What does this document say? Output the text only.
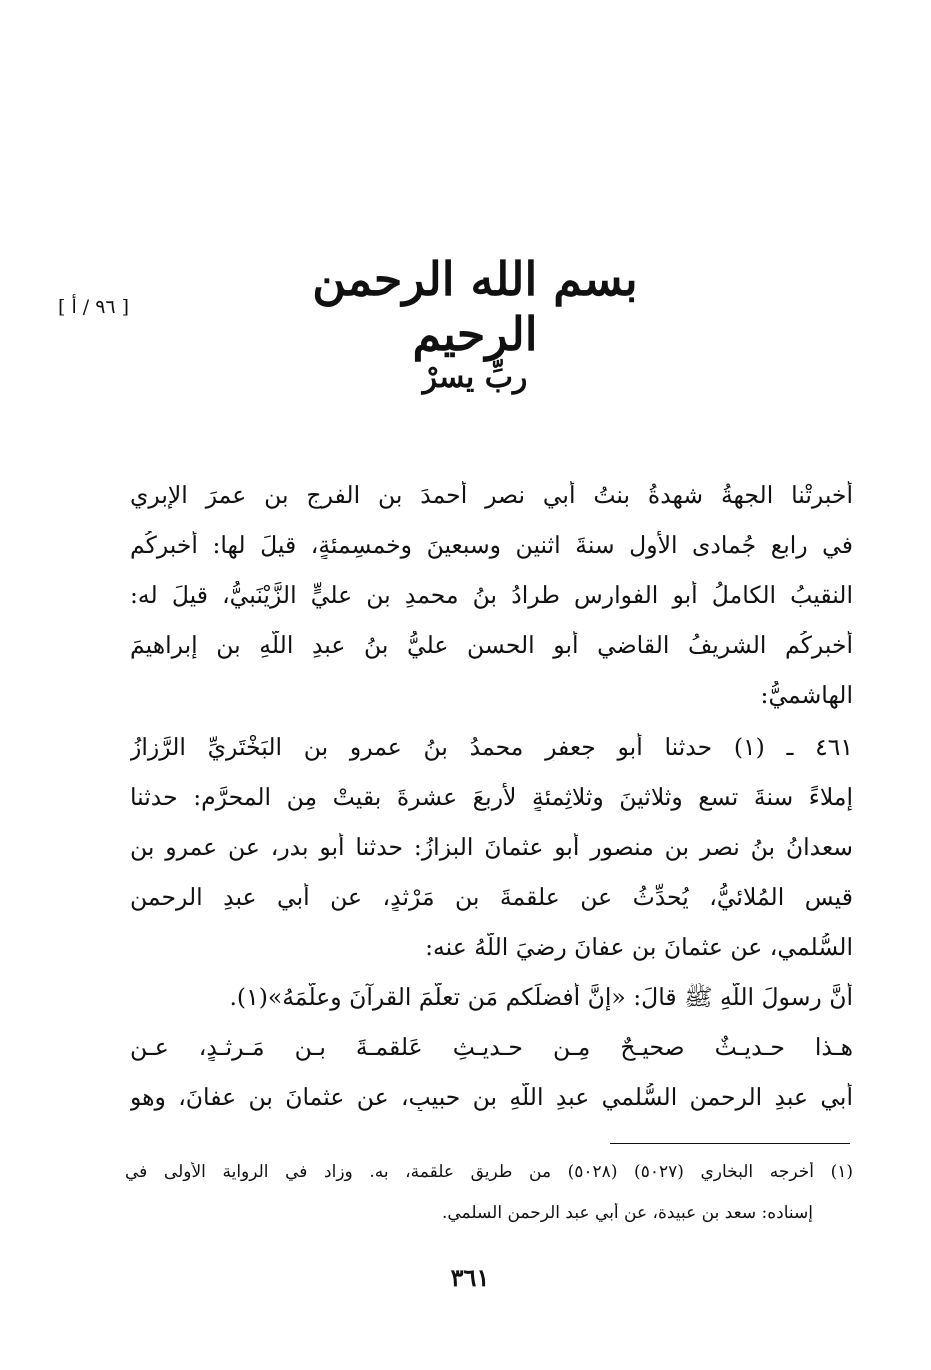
[ ٩٦ / أ ]
بسم الله الرحمن الرحيم
ربِّ يسرْ
أخبرتْنا الجهةُ شهدةُ بنتُ أبي نصرٍ أحمدَ بنِ الفرجِ بنِ عمرَ الإبري
في رابعِ جُمادى الأولِ سنةَ اثنينِ وسبعينَ وخمسِمئةٍ، قيلَ لها: أخبركُم
النقيبُ الكاملُ أبو الفوارسِ طرادُ بنُ محمدِ بنِ عليٍّ الزَّيْنَبيُّ، قيلَ له:
أخبركُم الشريفُ القاضي أبو الحسنِ عليُّ بنُ عبدِ اللَّهِ بنِ إبراهيمَ
الهاشميُّ:
٤٦١ ـ (١) حدثنا أبو جعفرٍ محمدُ بنُ عمرِو بنِ البَخْتَريِّ الرَّزازُ
إملاءً سنةَ تسعٍ وثلاثينَ وثلاثِمئةٍ لأربعَ عشرةَ بقيتْ مِن المحرَّمِ: حدثنا
سعدانُ بنُ نصرِ بنِ منصورٍ أبو عثمانَ البزازُ: حدثنا أبو بدرٍ، عن عمرِو بنِ
قيسٍ المُلائيُّ، يُحدِّثُ عن علقمةَ بنِ مَرْثدٍ، عن أبي عبدِ الرحمنِ
السُّلمي، عن عثمانَ بنِ عفانَ رضيَ اللَّهُ عنه:
أنَّ رسولَ اللَّهِ ﷺ قالَ: «إنَّ أفضلَكم مَن تعلَّمَ القرآنَ وعلَّمَهُ»(١).
هـذا حـديـثٌ صحيـحٌ مِـن حـديـثِ عَلقمـةَ بـنِ مَـرثـدٍ، عـن
أبي عبدِ الرحمنِ السُّلمي عبدِ اللَّهِ بنِ حبيبٍ، عن عثمانَ بنِ عفانَ، وهو
(١) أخرجه البخاري (٥٠٢٧) (٥٠٢٨) من طريق علقمة، به. وزاد في الرواية الأولى في
إسناده: سعد بن عبيدة، عن أبي عبد الرحمن السلمي.
٣٦١
